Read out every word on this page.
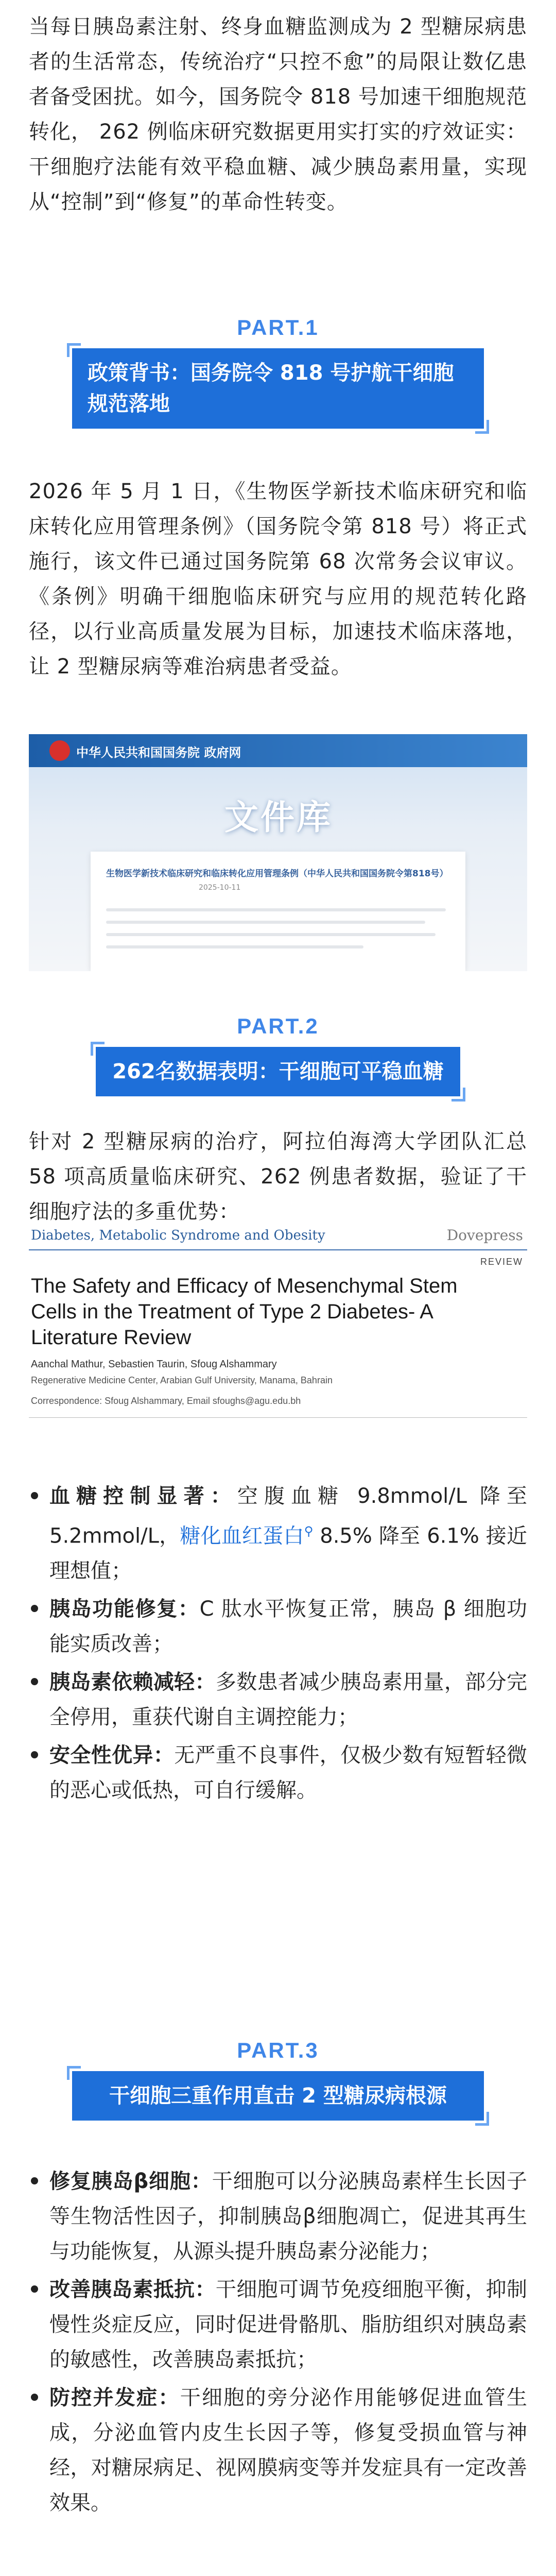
当每日胰岛素注射、终身血糖监测成为 2 型糖尿病患者的生活常态，传统治疗“只控不愈”的局限让数亿患者备受困扰。如今，国务院令 818 号加速干细胞规范转化， 262 例临床研究数据更用实打实的疗效证实：干细胞疗法能有效平稳血糖、减少胰岛素用量，实现从“控制”到“修复”的革命性转变。

PART.1
政策背书：国务院令 818 号护航干细胞规范落地

2026 年 5 月 1 日，《生物医学新技术临床研究和临床转化应用管理条例》（国务院令第 818 号）将正式施行，该文件已通过国务院第 68 次常务会议审议。《条例》明确干细胞临床研究与应用的规范转化路径，以行业高质量发展为目标，加速技术临床落地，让 2 型糖尿病等难治病患者受益。

中华人民共和国国务院 政府网
文件库
生物医学新技术临床研究和临床转化应用管理条例（中华人民共和国国务院令第818号）
2025-10-11
PART.2
262名数据表明：干细胞可平稳血糖

针对 2 型糖尿病的治疗，阿拉伯海湾大学团队汇总 58 项高质量临床研究、262 例患者数据，验证了干细胞疗法的多重优势：

Diabetes, Metabolic Syndrome and Obesity	Dovepress
REVIEW
The Safety and Efficacy of Mesenchymal Stem Cells in the Treatment of Type 2 Diabetes- A Literature Review
Aanchal Mathur, Sebastien Taurin, Sfoug Alshammary
Regenerative Medicine Center, Arabian Gulf University, Manama, Bahrain
Correspondence: Sfoug Alshammary, Email sfoughs@agu.edu.bh
血糖控制显著：空腹血糖 9.8mmol/L 降至 5.2mmol/L，糖化血红蛋白⚲ 8.5% 降至 6.1% 接近理想值；
胰岛功能修复：C 肽水平恢复正常，胰岛 β 细胞功能实质改善；
胰岛素依赖减轻：多数患者减少胰岛素用量，部分完全停用，重获代谢自主调控能力；
安全性优异：无严重不良事件，仅极少数有短暂轻微的恶心或低热，可自行缓解。
PART.3
干细胞三重作用直击 2 型糖尿病根源
修复胰岛β细胞：干细胞可以分泌胰岛素样生长因子等生物活性因子，抑制胰岛β细胞凋亡，促进其再生与功能恢复，从源头提升胰岛素分泌能力；
改善胰岛素抵抗：干细胞可调节免疫细胞平衡，抑制慢性炎症反应，同时促进骨骼肌、脂肪组织对胰岛素的敏感性，改善胰岛素抵抗；
防控并发症：干细胞的旁分泌作用能够促进血管生成，分泌血管内皮生长因子等，修复受损血管与神经，对糖尿病足、视网膜病变等并发症具有一定改善效果。
